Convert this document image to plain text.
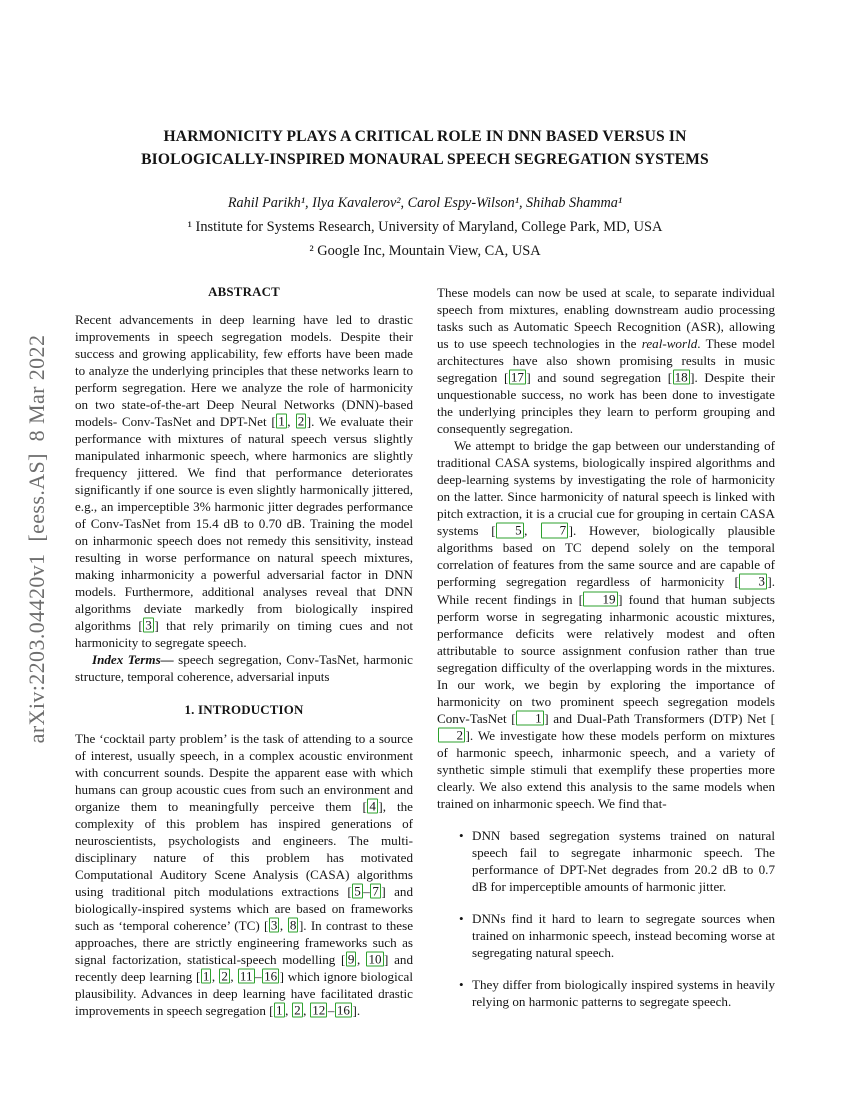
arXiv:2203.04420v1  [eess.AS]  8 Mar 2022
HARMONICITY PLAYS A CRITICAL ROLE IN DNN BASED VERSUS IN
BIOLOGICALLY-INSPIRED MONAURAL SPEECH SEGREGATION SYSTEMS
Rahil Parikh¹, Ilya Kavalerov², Carol Espy-Wilson¹, Shihab Shamma¹
¹ Institute for Systems Research, University of Maryland, College Park, MD, USA
² Google Inc, Mountain View, CA, USA
ABSTRACT
Recent advancements in deep learning have led to drastic improvements in speech segregation models. Despite their success and growing applicability, few efforts have been made to analyze the underlying principles that these networks learn to perform segregation. Here we analyze the role of harmonicity on two state-of-the-art Deep Neural Networks (DNN)-based models- Conv-TasNet and DPT-Net [ 1 , 2 ]. We evaluate their performance with mixtures of natural speech versus slightly manipulated inharmonic speech, where harmonics are slightly frequency jittered. We find that performance deteriorates significantly if one source is even slightly harmonically jittered, e.g., an imperceptible 3% harmonic jitter degrades performance of Conv-TasNet from 15.4 dB to 0.70 dB. Training the model on inharmonic speech does not remedy this sensitivity, instead resulting in worse performance on natural speech mixtures, making inharmonicity a powerful adversarial factor in DNN models. Furthermore, additional analyses reveal that DNN algorithms deviate markedly from biologically inspired algorithms [ 3 ] that rely primarily on timing cues and not harmonicity to segregate speech.

Index Terms— speech segregation, Conv-TasNet, harmonic structure, temporal coherence, adversarial inputs

1. INTRODUCTION
The ‘cocktail party problem’ is the task of attending to a source of interest, usually speech, in a complex acoustic environment with concurrent sounds. Despite the apparent ease with which humans can group acoustic cues from such an environment and organize them to meaningfully perceive them [ 4 ], the complexity of this problem has inspired generations of neuroscientists, psychologists and engineers. The multi-disciplinary nature of this problem has motivated Computational Auditory Scene Analysis (CASA) algorithms using traditional pitch modulations extractions [ 5 – 7 ] and biologically-inspired systems which are based on frameworks such as ‘temporal coherence’ (TC) [ 3 , 8 ]. In contrast to these approaches, there are strictly engineering frameworks such as signal factorization, statistical-speech modelling [ 9 , 10 ] and recently deep learning [ 1 , 2 , 11 – 16 ] which ignore biological plausibility. Advances in deep learning have facilitated drastic improvements in speech segregation [ 1 , 2 , 12 – 16 ].
These models can now be used at scale, to separate individual speech from mixtures, enabling downstream audio processing tasks such as Automatic Speech Recognition (ASR), allowing us to use speech technologies in the real-world. These model architectures have also shown promising results in music segregation [ 17 ] and sound segregation [ 18 ]. Despite their unquestionable success, no work has been done to investigate the underlying principles they learn to perform grouping and consequently segregation.
We attempt to bridge the gap between our understanding of traditional CASA systems, biologically inspired algorithms and deep-learning systems by investigating the role of harmonicity on the latter. Since harmonicity of natural speech is linked with pitch extraction, it is a crucial cue for grouping in certain CASA systems [ 5 , 7 ]. However, biologically plausible algorithms based on TC depend solely on the temporal correlation of features from the same source and are capable of performing segregation regardless of harmonicity [ 3 ]. While recent findings in [ 19 ] found that human subjects perform worse in segregating inharmonic acoustic mixtures, performance deficits were relatively modest and often attributable to source assignment confusion rather than true segregation difficulty of the overlapping words in the mixtures. In our work, we begin by exploring the importance of harmonicity on two prominent speech segregation models Conv-TasNet [ 1 ] and Dual-Path Transformers (DTP) Net [2 ]. We investigate how these models perform on mixtures of harmonic speech, inharmonic speech, and a variety of synthetic simple stimuli that exemplify these properties more clearly. We also extend this analysis to the same models when trained on inharmonic speech. We find that-
• DNN based segregation systems trained on natural speech fail to segregate inharmonic speech. The performance of DPT-Net degrades from 20.2 dB to 0.7 dB for imperceptible amounts of harmonic jitter.
• DNNs find it hard to learn to segregate sources when trained on inharmonic speech, instead becoming worse at segregating natural speech.
• They differ from biologically inspired systems in heavily relying on harmonic patterns to segregate speech.
